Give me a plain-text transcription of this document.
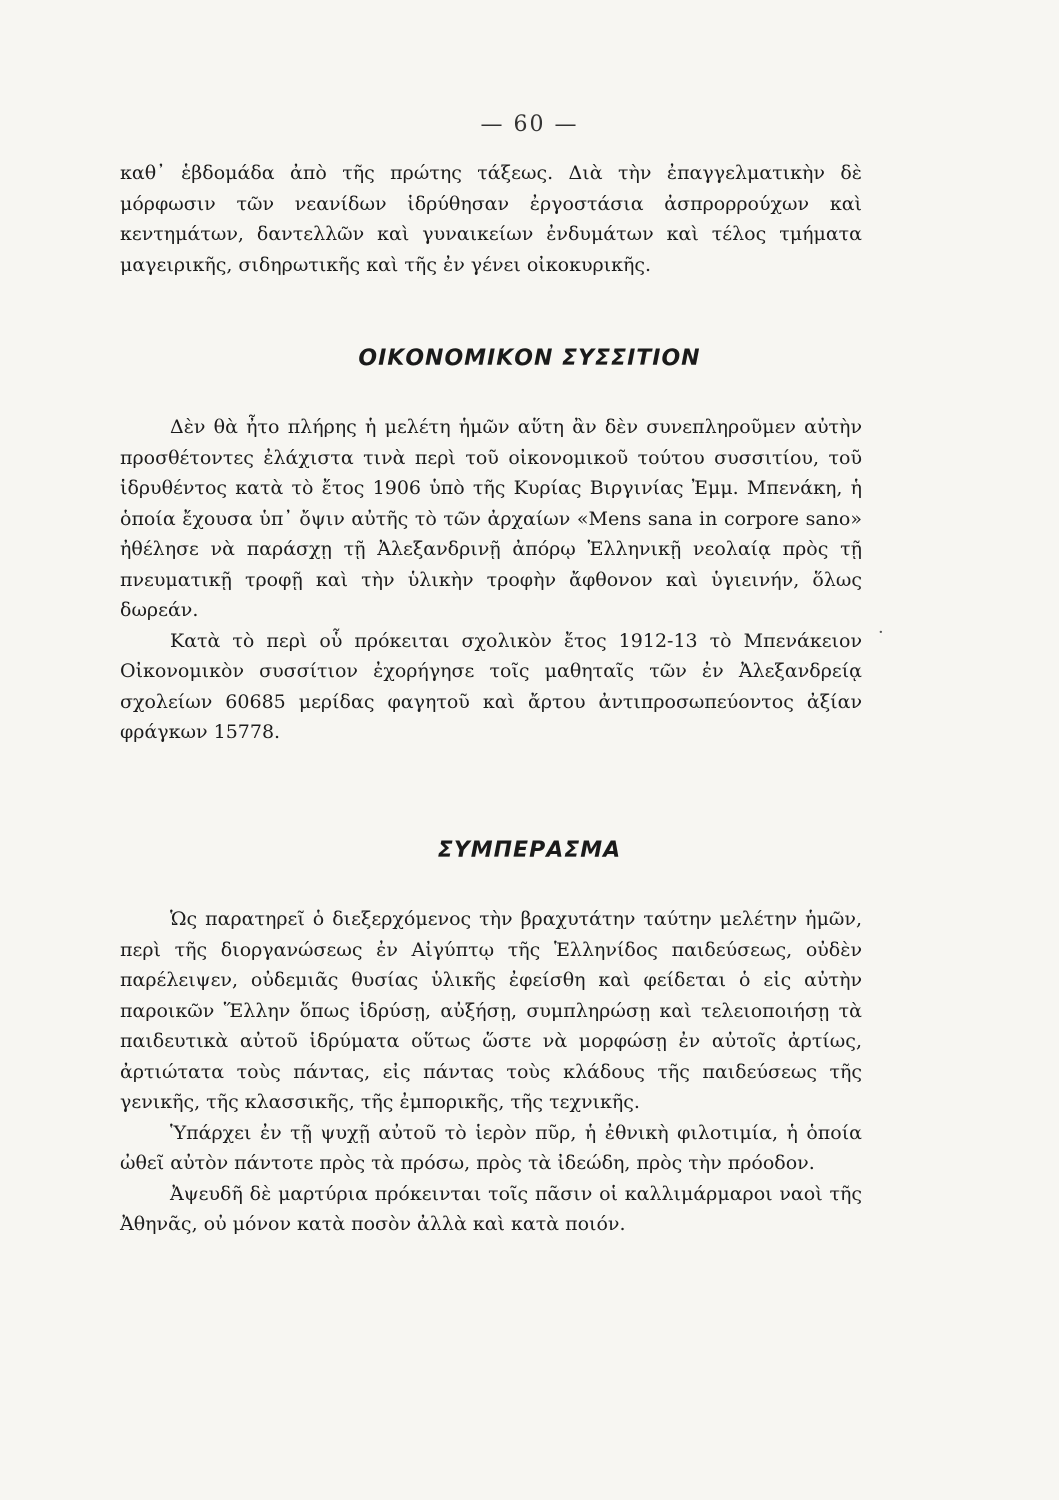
— 60 —

καθ᾽ ἑβδομάδα ἀπὸ τῆς πρώτης τάξεως. Διὰ τὴν ἐπαγγελματικὴν δὲ μόρφωσιν τῶν νεανίδων ἱδρύθησαν ἐργοστάσια ἀσπρορρούχων καὶ κεντημάτων, δαντελλῶν καὶ γυναικείων ἐνδυμάτων καὶ τέλος τμήματα μαγειρικῆς, σιδηρωτικῆς καὶ τῆς ἐν γένει οἰκοκυρικῆς.

ΟΙΚΟΝΟΜΙΚΟΝ ΣΥΣΣΙΤΙΟΝ

Δὲν θὰ ἦτο πλήρης ἡ μελέτη ἡμῶν αὕτη ἂν δὲν συνεπληροῦμεν αὐτὴν προσθέτοντες ἐλάχιστα τινὰ περὶ τοῦ οἰκονομικοῦ τούτου συσσιτίου, τοῦ ἱδρυθέντος κατὰ τὸ ἔτος 1906 ὑπὸ τῆς Κυρίας Βιργινίας Ἐμμ. Μπενάκη, ἡ ὁποία ἔχουσα ὑπ᾽ ὄψιν αὐτῆς τὸ τῶν ἀρχαίων «Mens sana in corpore sano» ἠθέλησε νὰ παράσχῃ τῇ Ἀλεξανδρινῇ ἀπόρῳ Ἑλληνικῇ νεολαίᾳ πρὸς τῇ πνευματικῇ τροφῇ καὶ τὴν ὑλικὴν τροφὴν ἄφθονον καὶ ὑγιεινήν, ὅλως δωρεάν.

Κατὰ τὸ περὶ οὗ πρόκειται σχολικὸν ἔτος 1912-13 τὸ Μπενάκειον Οἰκονομικὸν συσσίτιον ἐχορήγησε τοῖς μαθηταῖς τῶν ἐν Ἀλεξανδρείᾳ σχολείων 60685 μερίδας φαγητοῦ καὶ ἄρτου ἀντιπροσωπεύοντος ἀξίαν φράγκων 15778.

ΣΥΜΠΕΡΑΣΜΑ

Ὡς παρατηρεῖ ὁ διεξερχόμενος τὴν βραχυτάτην ταύτην μελέτην ἡμῶν, περὶ τῆς διοργανώσεως ἐν Αἰγύπτῳ τῆς Ἑλληνίδος παιδεύσεως, οὐδὲν παρέλειψεν, οὐδεμιᾶς θυσίας ὑλικῆς ἐφείσθη καὶ φείδεται ὁ εἰς αὐτὴν παροικῶν Ἕλλην ὅπως ἱδρύσῃ, αὐξήσῃ, συμπληρώσῃ καὶ τελειοποιήσῃ τὰ παιδευτικὰ αὐτοῦ ἱδρύματα οὕτως ὥστε νὰ μορφώσῃ ἐν αὐτοῖς ἀρτίως, ἀρτιώτατα τοὺς πάντας, εἰς πάντας τοὺς κλάδους τῆς παιδεύσεως τῆς γενικῆς, τῆς κλασσικῆς, τῆς ἐμπορικῆς, τῆς τεχνικῆς.

Ὑπάρχει ἐν τῇ ψυχῇ αὐτοῦ τὸ ἱερὸν πῦρ, ἡ ἐθνικὴ φιλοτιμία, ἡ ὁποία ὠθεῖ αὐτὸν πάντοτε πρὸς τὰ πρόσω, πρὸς τὰ ἰδεώδη, πρὸς τὴν πρόοδον.

Ἀψευδῆ δὲ μαρτύρια πρόκεινται τοῖς πᾶσιν οἱ καλλιμάρμαροι ναοὶ τῆς Ἀθηνᾶς, οὐ μόνον κατὰ ποσὸν ἀλλὰ καὶ κατὰ ποιόν.

·
